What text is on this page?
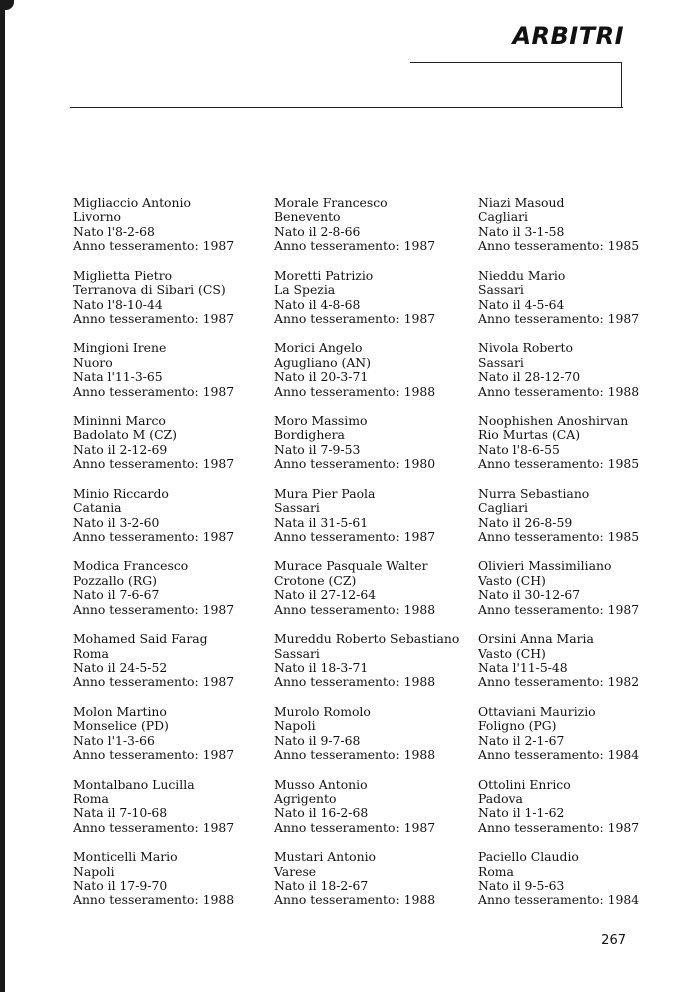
ARBITRI
Migliaccio Antonio
Livorno
Nato l'8-2-68
Anno tesseramento: 1987
Miglietta Pietro
Terranova di Sibari (CS)
Nato l'8-10-44
Anno tesseramento: 1987
Mingioni Irene
Nuoro
Nata l'11-3-65
Anno tesseramento: 1987
Mininni Marco
Badolato M (CZ)
Nato il 2-12-69
Anno tesseramento: 1987
Minio Riccardo
Catania
Nato il 3-2-60
Anno tesseramento: 1987
Modica Francesco
Pozzallo (RG)
Nato il 7-6-67
Anno tesseramento: 1987
Mohamed Said Farag
Roma
Nato il 24-5-52
Anno tesseramento: 1987
Molon Martino
Monselice (PD)
Nato l'1-3-66
Anno tesseramento: 1987
Montalbano Lucilla
Roma
Nata il 7-10-68
Anno tesseramento: 1987
Monticelli Mario
Napoli
Nato il 17-9-70
Anno tesseramento: 1988
Morale Francesco
Benevento
Nato il 2-8-66
Anno tesseramento: 1987
Moretti Patrizio
La Spezia
Nato il 4-8-68
Anno tesseramento: 1987
Morici Angelo
Agugliano (AN)
Nato il 20-3-71
Anno tesseramento: 1988
Moro Massimo
Bordighera
Nato il 7-9-53
Anno tesseramento: 1980
Mura Pier Paola
Sassari
Nata il 31-5-61
Anno tesseramento: 1987
Murace Pasquale Walter
Crotone (CZ)
Nato il 27-12-64
Anno tesseramento: 1988
Mureddu Roberto Sebastiano
Sassari
Nato il 18-3-71
Anno tesseramento: 1988
Murolo Romolo
Napoli
Nato il 9-7-68
Anno tesseramento: 1988
Musso Antonio
Agrigento
Nato il 16-2-68
Anno tesseramento: 1987
Mustari Antonio
Varese
Nato il 18-2-67
Anno tesseramento: 1988
Niazi Masoud
Cagliari
Nato il 3-1-58
Anno tesseramento: 1985
Nieddu Mario
Sassari
Nato il 4-5-64
Anno tesseramento: 1987
Nivola Roberto
Sassari
Nato il 28-12-70
Anno tesseramento: 1988
Noophishen Anoshirvan
Rio Murtas (CA)
Nato l'8-6-55
Anno tesseramento: 1985
Nurra Sebastiano
Cagliari
Nato il 26-8-59
Anno tesseramento: 1985
Olivieri Massimiliano
Vasto (CH)
Nato il 30-12-67
Anno tesseramento: 1987
Orsini Anna Maria
Vasto (CH)
Nata l'11-5-48
Anno tesseramento: 1982
Ottaviani Maurizio
Foligno (PG)
Nato il 2-1-67
Anno tesseramento: 1984
Ottolini Enrico
Padova
Nato il 1-1-62
Anno tesseramento: 1987
Paciello Claudio
Roma
Nato il 9-5-63
Anno tesseramento: 1984
267
